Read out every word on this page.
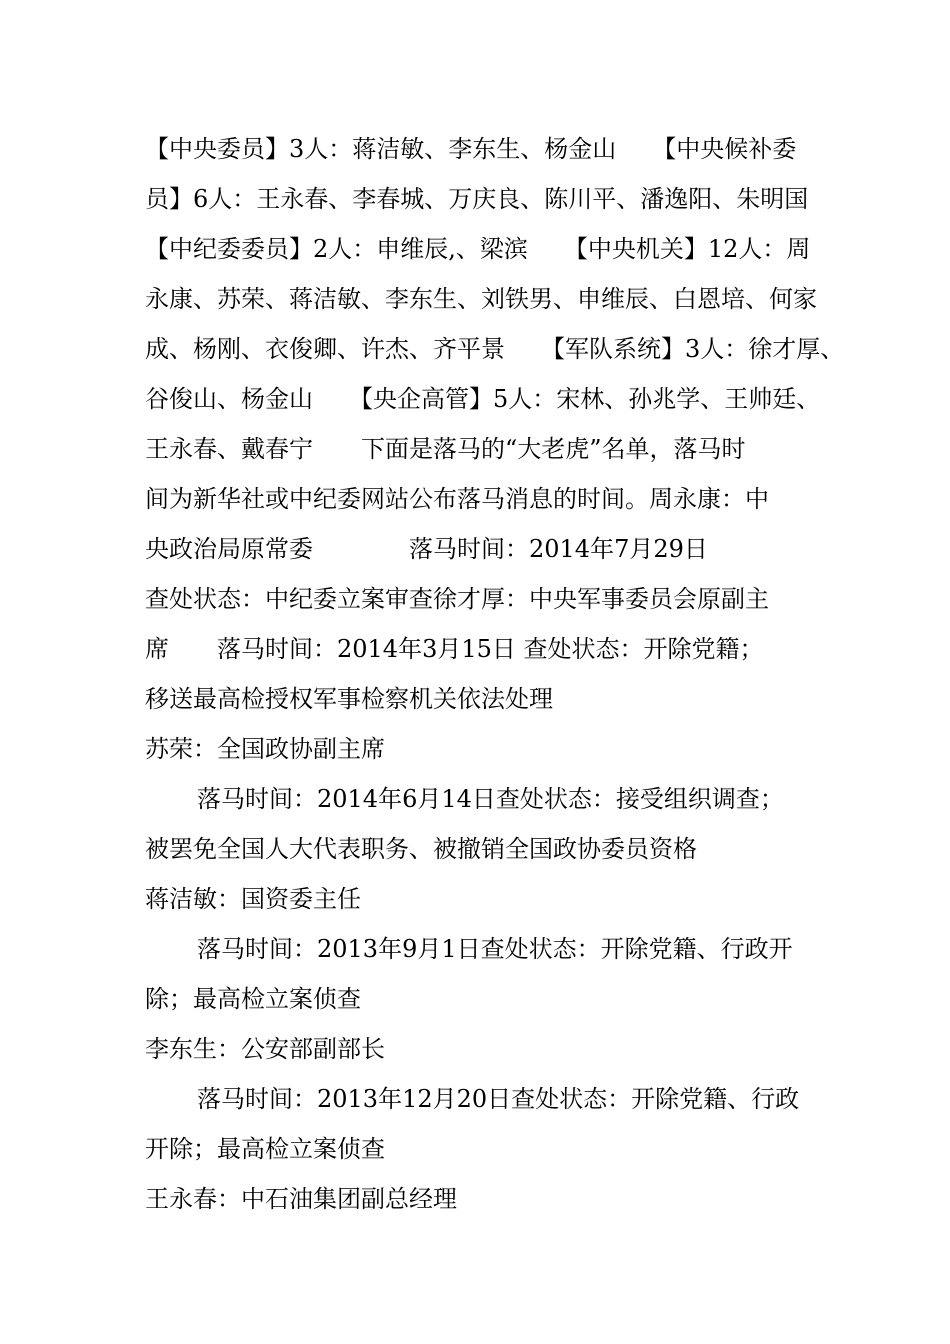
【中央委员】3人：蒋洁敏、李东生、杨金山　　【中央候补委
员】6人：王永春、李春城、万庆良、陈川平、潘逸阳、朱明国
【中纪委委员】2人：申维辰,、梁滨　　【中央机关】12人：周
永康、苏荣、蒋洁敏、李东生、刘铁男、申维辰、白恩培、何家
成、杨刚、衣俊卿、许杰、齐平景　　【军队系统】3人：徐才厚、
谷俊山、杨金山　　【央企高管】5人：宋林、孙兆学、王帅廷、
王永春、戴春宁　　下面是落马的“大老虎”名单，落马时
间为新华社或中纪委网站公布落马消息的时间。周永康：中
央政治局原常委　　　　落马时间：2014年7月29日
查处状态：中纪委立案审查徐才厚：中央军事委员会原副主
席　　落马时间：2014年3月15日 查处状态：开除党籍；
移送最高检授权军事检察机关依法处理
苏荣：全国政协副主席
落马时间：2014年6月14日查处状态：接受组织调查；
被罢免全国人大代表职务、被撤销全国政协委员资格
蒋洁敏：国资委主任
落马时间：2013年9月1日查处状态：开除党籍、行政开
除；最高检立案侦查
李东生：公安部副部长
落马时间：2013年12月20日查处状态：开除党籍、行政
开除；最高检立案侦查
王永春：中石油集团副总经理
